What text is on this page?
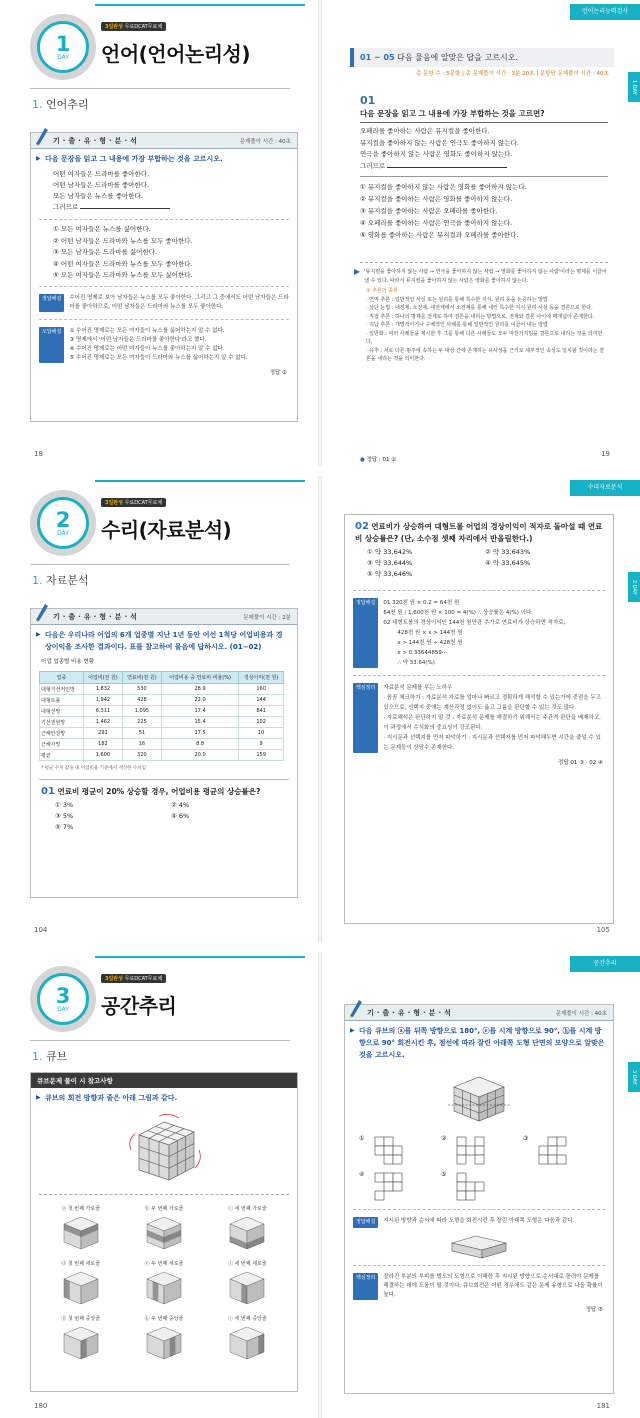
1
DAY
3일완성 무료DCAT무료체
언어(언어논리성)
1. 언어추리
기·출·유·형·분·석	문제풀이 시간 : 40초
▶ 다음 문장을 읽고 그 내용에 가장 부합하는 것을 고르시오.
어떤 여자들은 드라마를 좋아한다.
어떤 남자들은 드라마를 좋아한다.
모든 남자들은 뉴스를 좋아한다.
그러므로
① 모든 여자들은 뉴스를 싫어한다.
② 어떤 남자들은 드라마와 뉴스를 모두 좋아한다.
③ 모든 남자들은 드라마를 싫어한다.
④ 어떤 여자들은 드라마와 뉴스를 모두 좋아한다.
⑤ 모든 여자들은 드라마와 뉴스를 모두 싫어한다.
정답해설	수어진 명제로 보아 남자들은 뉴스를 모두 좋아한다. 그리고 그 중에서도 어떤 남자들은 드라마를 좋아하므로, 어떤 남자들은 드라마와 뉴스를 모두 좋아한다.
오답해설	① 수어진 명제로는 모든 여자들이 뉴스를 싫어하는지 알 수 없다.
③ 명제에서 '어떤 남자들은 드라마를 좋아한다'라고 했다.
④ 수어진 명제로는 어떤 여자들이 뉴스를 좋아하는지 알 수 없다.
⑤ 수어진 명제로는 모든 여자들이 드라마와 뉴스를 싫어하는지 알 수 없다.
정답 ②
18
언어논리능력검사
1 DAY
01 ~ 05 다음 물음에 알맞은 답을 고르시오.
총 문항 수 : 5문항 | 총 문제풀이 시간 : 3분 20초 | 문항당 문제풀이 시간 : 40초
01
다음 문장을 읽고 그 내용에 가장 부합하는 것을 고르면?
오페라를 좋아하는 사람은 뮤지컬을 좋아한다.
뮤지컬을 좋아하지 않는 사람은 연극도 좋아하지 않는다.
연극을 좋아하지 않는 사람은 영화도 좋아하지 않는다.
그러므로
① 뮤지컬을 좋아하지 않는 사람은 영화를 좋아하지 않는다.
② 뮤지컬을 좋아하는 사람은 영화를 좋아하지 않는다.
③ 뮤지컬을 좋아하는 사람은 오페라를 좋아한다.
④ 오페라를 좋아하는 사람은 연극을 좋아하지 않는다.
⑤ 영화를 좋아하는 사람은 뮤지컬과 오페라를 좋아한다.
▶ '뮤지컬을 좋아하지 않는 사람 → 연극을 좋아하지 않는 사람 → 영화를 좋아하지 않는 사람'이라는 명제를 이끌어 낼 수 있다. 따라서 뮤지컬을 좋아하지 않는 사람은 영화를 좋아하지 않는다.
① 추론의 종류
· 연역 추론 : 일반적인 사실 또는 원리를 통해 특수한 지식, 원리 등을 논증하는 방법
· 삼단 논법 : 대전제, 소전제, 대전제에서 소전제를 통해 내린 특수한 지식·원리·사실 등을 결론으로 한다.
· 직접 추론 : 하나의 명제를 전제로 하여 결론을 내리는 방법으로, 전제와 결론 사이에 매개념이 존재한다.
· 귀납 추론 : 개별적이거나 구체적인 사례를 통해 일반적인 원리를 이끌어 내는 방법
· 일반화 : 여러 사례들을 제시한 후 그를 통해 다른 사례들도 모두 마찬가지임을 결론으로 내리는 것을 의미한다.
· 유추 : 서로 다른 범주에 속하는 두 대상 간에 존재하는 유사성을 근거로 세부적인 속성도 일치할 것이라는 결론을 내리는 것을 의미한다.
● 정답 : 01 ①
19
2
DAY
3일완성 무료DCAT무료체
수리(자료분석)
1. 자료분석
기·출·유·형·분·석	문제풀이 시간 : 2분
▶ 다음은 우리나라 어업의 6개 업종별 지난 1년 동안 어선 1척당 어업비용과 경상이익을 조사한 결과이다. 표를 참고하여 물음에 답하시오. (01~02)
어업 업종별 비용 현황
업종	어업비(천 원)	연료비(천 원)	어업비용 중 연료비 비율(%)	경상이익(천 원)
대형기선저인망	1,832	530	28.9	160
대형트롤	1,942	428	22.0	144
대형선망	6,311	1,095	17.4	841
기선권현망	1,462	225	15.4	102
근해안강망	292	51	17.5	10
근해자망	182	16	8.8	9
평균	1,600	320	20.0	159
* 평균 수치 값을 내 어업비용 기준에서 계산한 수치임
01 연료비 평균이 20% 상승할 경우, 어업비용 평균의 상승률은?
① 3%	② 4%
③ 5%	④ 6%
⑤ 7%
104
수리자료분석
2 DAY
02 연료비가 상승하여 대형트롤 어업의 경상이익이 적자로 돌아설 때 연료비 상승률은? (단, 소수점 셋째 자리에서 반올림한다.)
① 약 33,642%	② 약 33,643%
③ 약 33,644%	④ 약 33,645%
⑤ 약 33,646%
정답해설	01 320천 원 × 0.2 = 64천 원
64천 원 / 1,600천 원 × 100 = 4(%) ∴ 상승률은 4(%) 이다.
02 대형트롤의 경상이익인 144천 원만큼 추가로 연료비가 상승하면 적자로,
428천 원 × x > 144천 원
x > 144천 원 ÷ 428천 원
x > 0.33644859···
∴ 약 33.64(%)
핵심정리	자료분석 문제를 푸는 노하우
· 꼼꼼 체크하기 : 자료분석 자료를 얼마나 빠르고 정확하게 해석할 수 있는가에 중점을 두고 있으므로, 선택지 중에는 계산과정 없이도 옳고 그름을 판단할 수 있는 것도 많다.
· 자료해석은 판단하지 말 것 : 자료분석 문제를 해결하기 위해서는 주관적 판단을 배제하고, 이 과정에서 수식화의 중요성이 강조된다.
· 지시문과 선택지를 먼저 파악하기 : 지시문과 선택지를 먼저 파악해두면 시간을 줄일 수 있는 문제들이 상당수 존재한다.
정답 01 ③ · 02 ④
105
3
DAY
3일완성 무료DCAT무료체
공간추리
1. 큐브
큐브문제 풀이 시 참고사항
▶ 큐브의 회전 방향과 줄은 아래 그림과 같다.
ⓐ 첫 번째 가로줄	ⓑ 두 번째 가로줄	ⓒ 세 번째 가로줄
ⓓ 첫 번째 세로줄	ⓔ 두 번째 세로줄	ⓕ 세 번째 세로줄
ⓖ 첫 번째 중앙줄	ⓗ 두 번째 중앙줄	ⓘ 세 번째 중앙줄
180
공간추리
3 DAY
기·출·유·형·분·석	문제풀이 시간 : 40초
▶ 다음 큐브의 ⓐ를 뒤쪽 방향으로 180°, ⓔ를 시계 방향으로 90°, ⓗ를 시계 방향으로 90° 회전시킨 후, 점선에 따라 잘린 아래쪽 도형 단면의 모양으로 알맞은 것을 고르시오.
①	②	③
④	⑤
정답해설	지시된 방향과 순서에 따라 도형을 회전시킨 후 잘린 아래쪽 도형은 다음과 같다.
핵심정리	잘라진 부분의 부피를 별도의 도형으로 이해한 후 지시된 방향으로 순서대로 돌려야 문제를 해결하는 데에 도움이 될 것이다. 큐브회전은 어떤 경우에도 같은 문제 유형으로 나올 확률이 높다.
정답 ⑤
181
